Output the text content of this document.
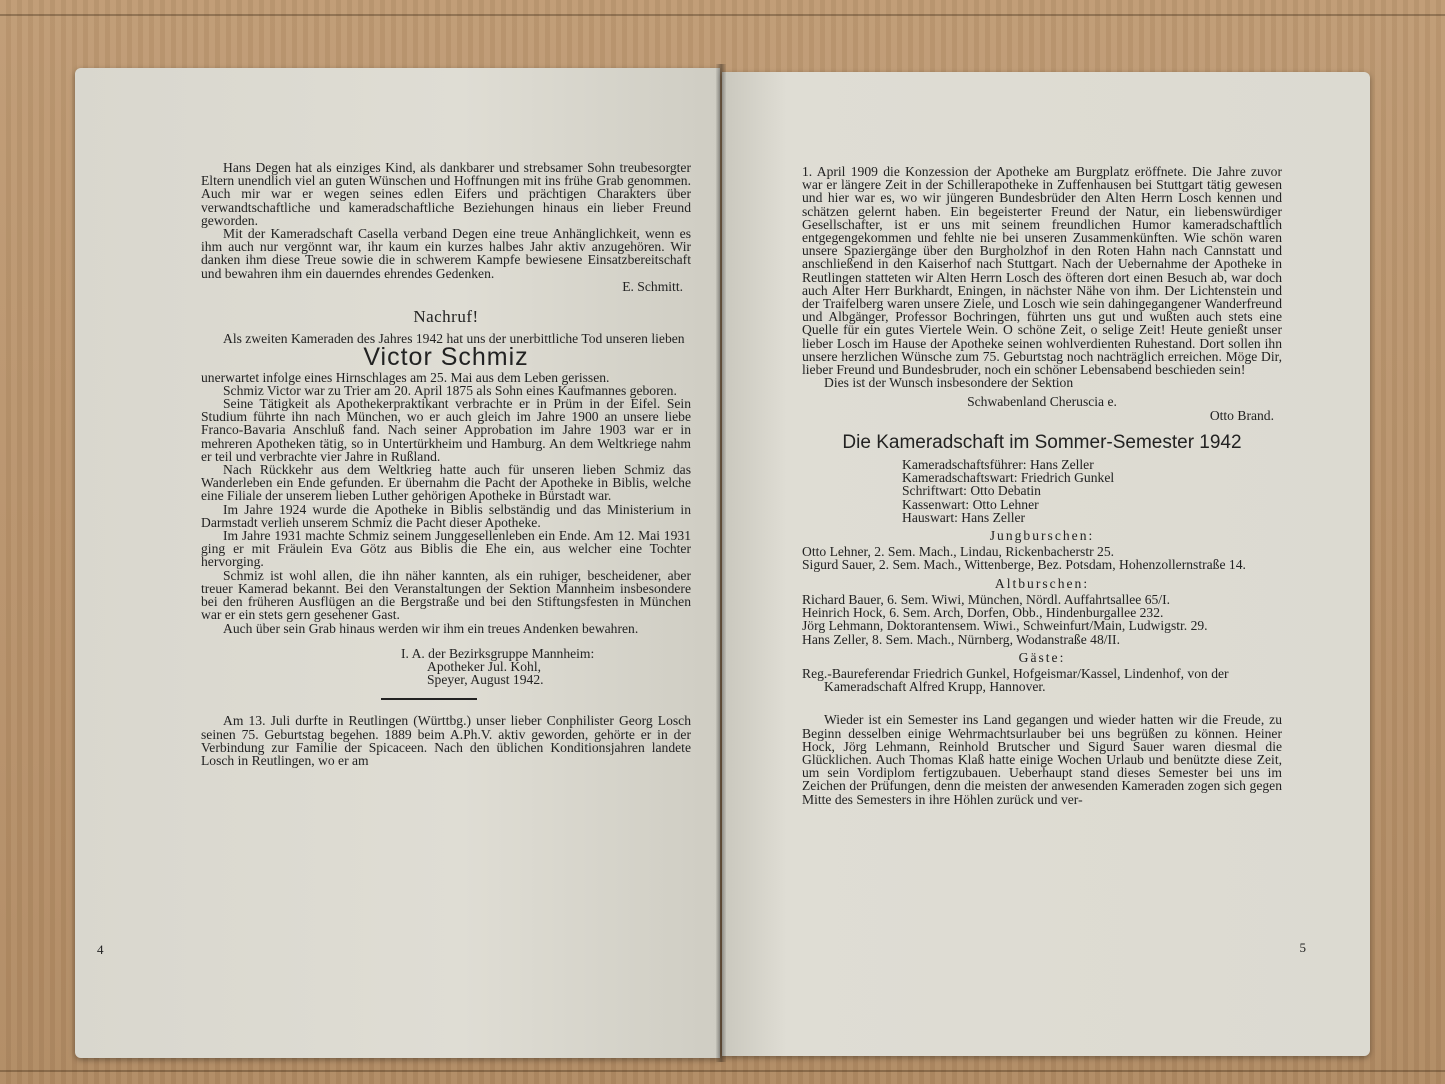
Hans Degen hat als einziges Kind, als dankbarer und strebsamer Sohn treubesorgter Eltern unendlich viel an guten Wünschen und Hoffnungen mit ins frühe Grab genommen. Auch mir war er wegen seines edlen Eifers und prächtigen Charakters über verwandtschaftliche und kameradschaftliche Beziehungen hinaus ein lieber Freund geworden.

Mit der Kameradschaft Casella verband Degen eine treue Anhänglichkeit, wenn es ihm auch nur vergönnt war, ihr kaum ein kurzes halbes Jahr aktiv anzugehören. Wir danken ihm diese Treue sowie die in schwerem Kampfe bewiesene Einsatzbereitschaft und bewahren ihm ein dauerndes ehrendes Gedenken.

E. Schmitt.
Nachruf!

Als zweiten Kameraden des Jahres 1942 hat uns der unerbittliche Tod unseren lieben

Victor Schmiz

unerwartet infolge eines Hirnschlages am 25. Mai aus dem Leben gerissen.

Schmiz Victor war zu Trier am 20. April 1875 als Sohn eines Kaufmannes geboren.

Seine Tätigkeit als Apothekerpraktikant verbrachte er in Prüm in der Eifel. Sein Studium führte ihn nach München, wo er auch gleich im Jahre 1900 an unsere liebe Franco-Bavaria Anschluß fand. Nach seiner Approbation im Jahre 1903 war er in mehreren Apotheken tätig, so in Untertürkheim und Hamburg. An dem Weltkriege nahm er teil und verbrachte vier Jahre in Rußland.

Nach Rückkehr aus dem Weltkrieg hatte auch für unseren lieben Schmiz das Wanderleben ein Ende gefunden. Er übernahm die Pacht der Apotheke in Biblis, welche eine Filiale der unserem lieben Luther gehörigen Apotheke in Bürstadt war.

Im Jahre 1924 wurde die Apotheke in Biblis selbständig und das Ministerium in Darmstadt verlieh unserem Schmiz die Pacht dieser Apotheke.

Im Jahre 1931 machte Schmiz seinem Junggesellenleben ein Ende. Am 12. Mai 1931 ging er mit Fräulein Eva Götz aus Biblis die Ehe ein, aus welcher eine Tochter hervorging.

Schmiz ist wohl allen, die ihn näher kannten, als ein ruhiger, bescheidener, aber treuer Kamerad bekannt. Bei den Veranstaltungen der Sektion Mannheim insbesondere bei den früheren Ausflügen an die Bergstraße und bei den Stiftungsfesten in München war er ein stets gern gesehener Gast.

Auch über sein Grab hinaus werden wir ihm ein treues Andenken bewahren.

I. A. der Bezirksgruppe Mannheim:
Apotheker Jul. Kohl,
Speyer, August 1942.

Am 13. Juli durfte in Reutlingen (Württbg.) unser lieber Conphilister Georg Losch seinen 75. Geburtstag begehen. 1889 beim A.Ph.V. aktiv geworden, gehörte er in der Verbindung zur Familie der Spicaceen. Nach den üblichen Konditionsjahren landete Losch in Reutlingen, wo er am

4

1. April 1909 die Konzession der Apotheke am Burgplatz eröffnete. Die Jahre zuvor war er längere Zeit in der Schillerapotheke in Zuffenhausen bei Stuttgart tätig gewesen und hier war es, wo wir jüngeren Bundesbrüder den Alten Herrn Losch kennen und schätzen gelernt haben. Ein begeisterter Freund der Natur, ein liebenswürdiger Gesellschafter, ist er uns mit seinem freundlichen Humor kameradschaftlich entgegengekommen und fehlte nie bei unseren Zusammenkünften. Wie schön waren unsere Spaziergänge über den Burgholzhof in den Roten Hahn nach Cannstatt und anschließend in den Kaiserhof nach Stuttgart. Nach der Uebernahme der Apotheke in Reutlingen statteten wir Alten Herrn Losch des öfteren dort einen Besuch ab, war doch auch Alter Herr Burkhardt, Eningen, in nächster Nähe von ihm. Der Lichtenstein und der Traifelberg waren unsere Ziele, und Losch wie sein dahingegangener Wanderfreund und Albgänger, Professor Bochringen, führten uns gut und wußten auch stets eine Quelle für ein gutes Viertele Wein. O schöne Zeit, o selige Zeit! Heute genießt unser lieber Losch im Hause der Apotheke seinen wohlverdienten Ruhestand. Dort sollen ihn unsere herzlichen Wünsche zum 75. Geburtstag noch nachträglich erreichen. Möge Dir, lieber Freund und Bundesbruder, noch ein schöner Lebensabend beschieden sein!

Dies ist der Wunsch insbesondere der Sektion
Schwabenland Cheruscia e.
Otto Brand.
Die Kameradschaft im Sommer-Semester 1942
Kameradschaftsführer: Hans Zeller
Kameradschaftswart: Friedrich Gunkel
Schriftwart: Otto Debatin
Kassenwart: Otto Lehner
Hauswart: Hans Zeller
Jungburschen:
Otto Lehner, 2. Sem. Mach., Lindau, Rickenbacherstr 25.
Sigurd Sauer, 2. Sem. Mach., Wittenberge, Bez. Potsdam, Hohenzollernstraße 14.
Altburschen:
Richard Bauer, 6. Sem. Wiwi, München, Nördl. Auffahrtsallee 65/I.
Heinrich Hock, 6. Sem. Arch, Dorfen, Obb., Hindenburgallee 232.
Jörg Lehmann, Doktorantensem. Wiwi., Schweinfurt/Main, Ludwigstr. 29.
Hans Zeller, 8. Sem. Mach., Nürnberg, Wodanstraße 48/II.
Gäste:
Reg.-Baureferendar Friedrich Gunkel, Hofgeismar/Kassel, Lindenhof, von der Kameradschaft Alfred Krupp, Hannover.

Wieder ist ein Semester ins Land gegangen und wieder hatten wir die Freude, zu Beginn desselben einige Wehrmachtsurlauber bei uns begrüßen zu können. Heiner Hock, Jörg Lehmann, Reinhold Brutscher und Sigurd Sauer waren diesmal die Glücklichen. Auch Thomas Klaß hatte einige Wochen Urlaub und benützte diese Zeit, um sein Vordiplom fertigzubauen. Ueberhaupt stand dieses Semester bei uns im Zeichen der Prüfungen, denn die meisten der anwesenden Kameraden zogen sich gegen Mitte des Semesters in ihre Höhlen zurück und ver-

5
